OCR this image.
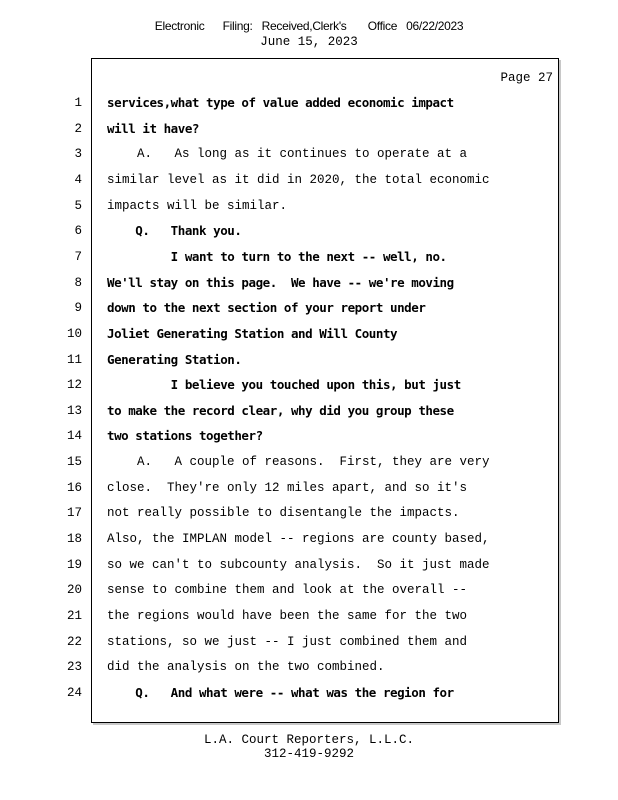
Electronic      Filing:   Received,Clerk's       Office   06/22/2023
June 15, 2023
Page 27
1 services,what type of value added economic impact
2 will it have?
3 A.   As long as it continues to operate at a
4 similar level as it did in 2020, the total economic
5 impacts will be similar.
6 Q.   Thank you.
7 I want to turn to the next -- well, no.
8 We'll stay on this page.  We have -- we're moving
9 down to the next section of your report under
10 Joliet Generating Station and Will County
11 Generating Station.
12 I believe you touched upon this, but just
13 to make the record clear, why did you group these
14 two stations together?
15 A.   A couple of reasons.  First, they are very
16 close.  They're only 12 miles apart, and so it's
17 not really possible to disentangle the impacts.
18 Also, the IMPLAN model -- regions are county based,
19 so we can't to subcounty analysis.  So it just made
20 sense to combine them and look at the overall --
21 the regions would have been the same for the two
22 stations, so we just -- I just combined them and
23 did the analysis on the two combined.
24 Q.   And what were -- what was the region for
L.A. Court Reporters, L.L.C.
312-419-9292
